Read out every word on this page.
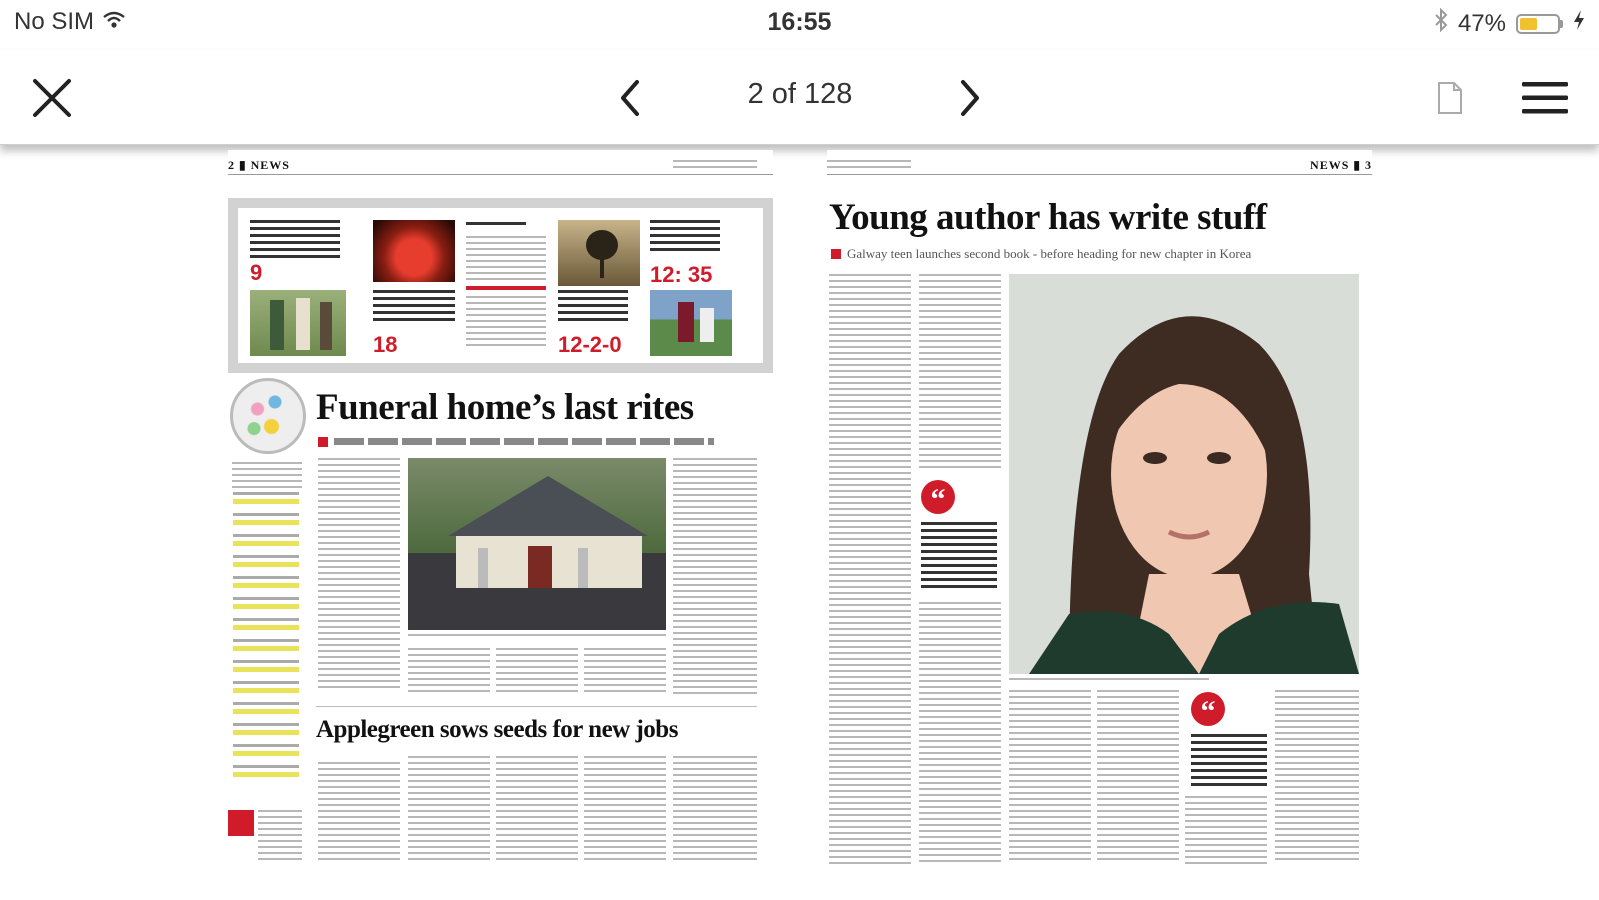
No SIM	16:55	47%
2 of 128
2 ▮ NEWS
9
18	12-2-0
12: 35
Funeral home’s last rites
Applegreen sows seeds for new jobs
NEWS ▮ 3
Young author has write stuff
Galway teen launches second book - before heading for new chapter in Korea
“
“
